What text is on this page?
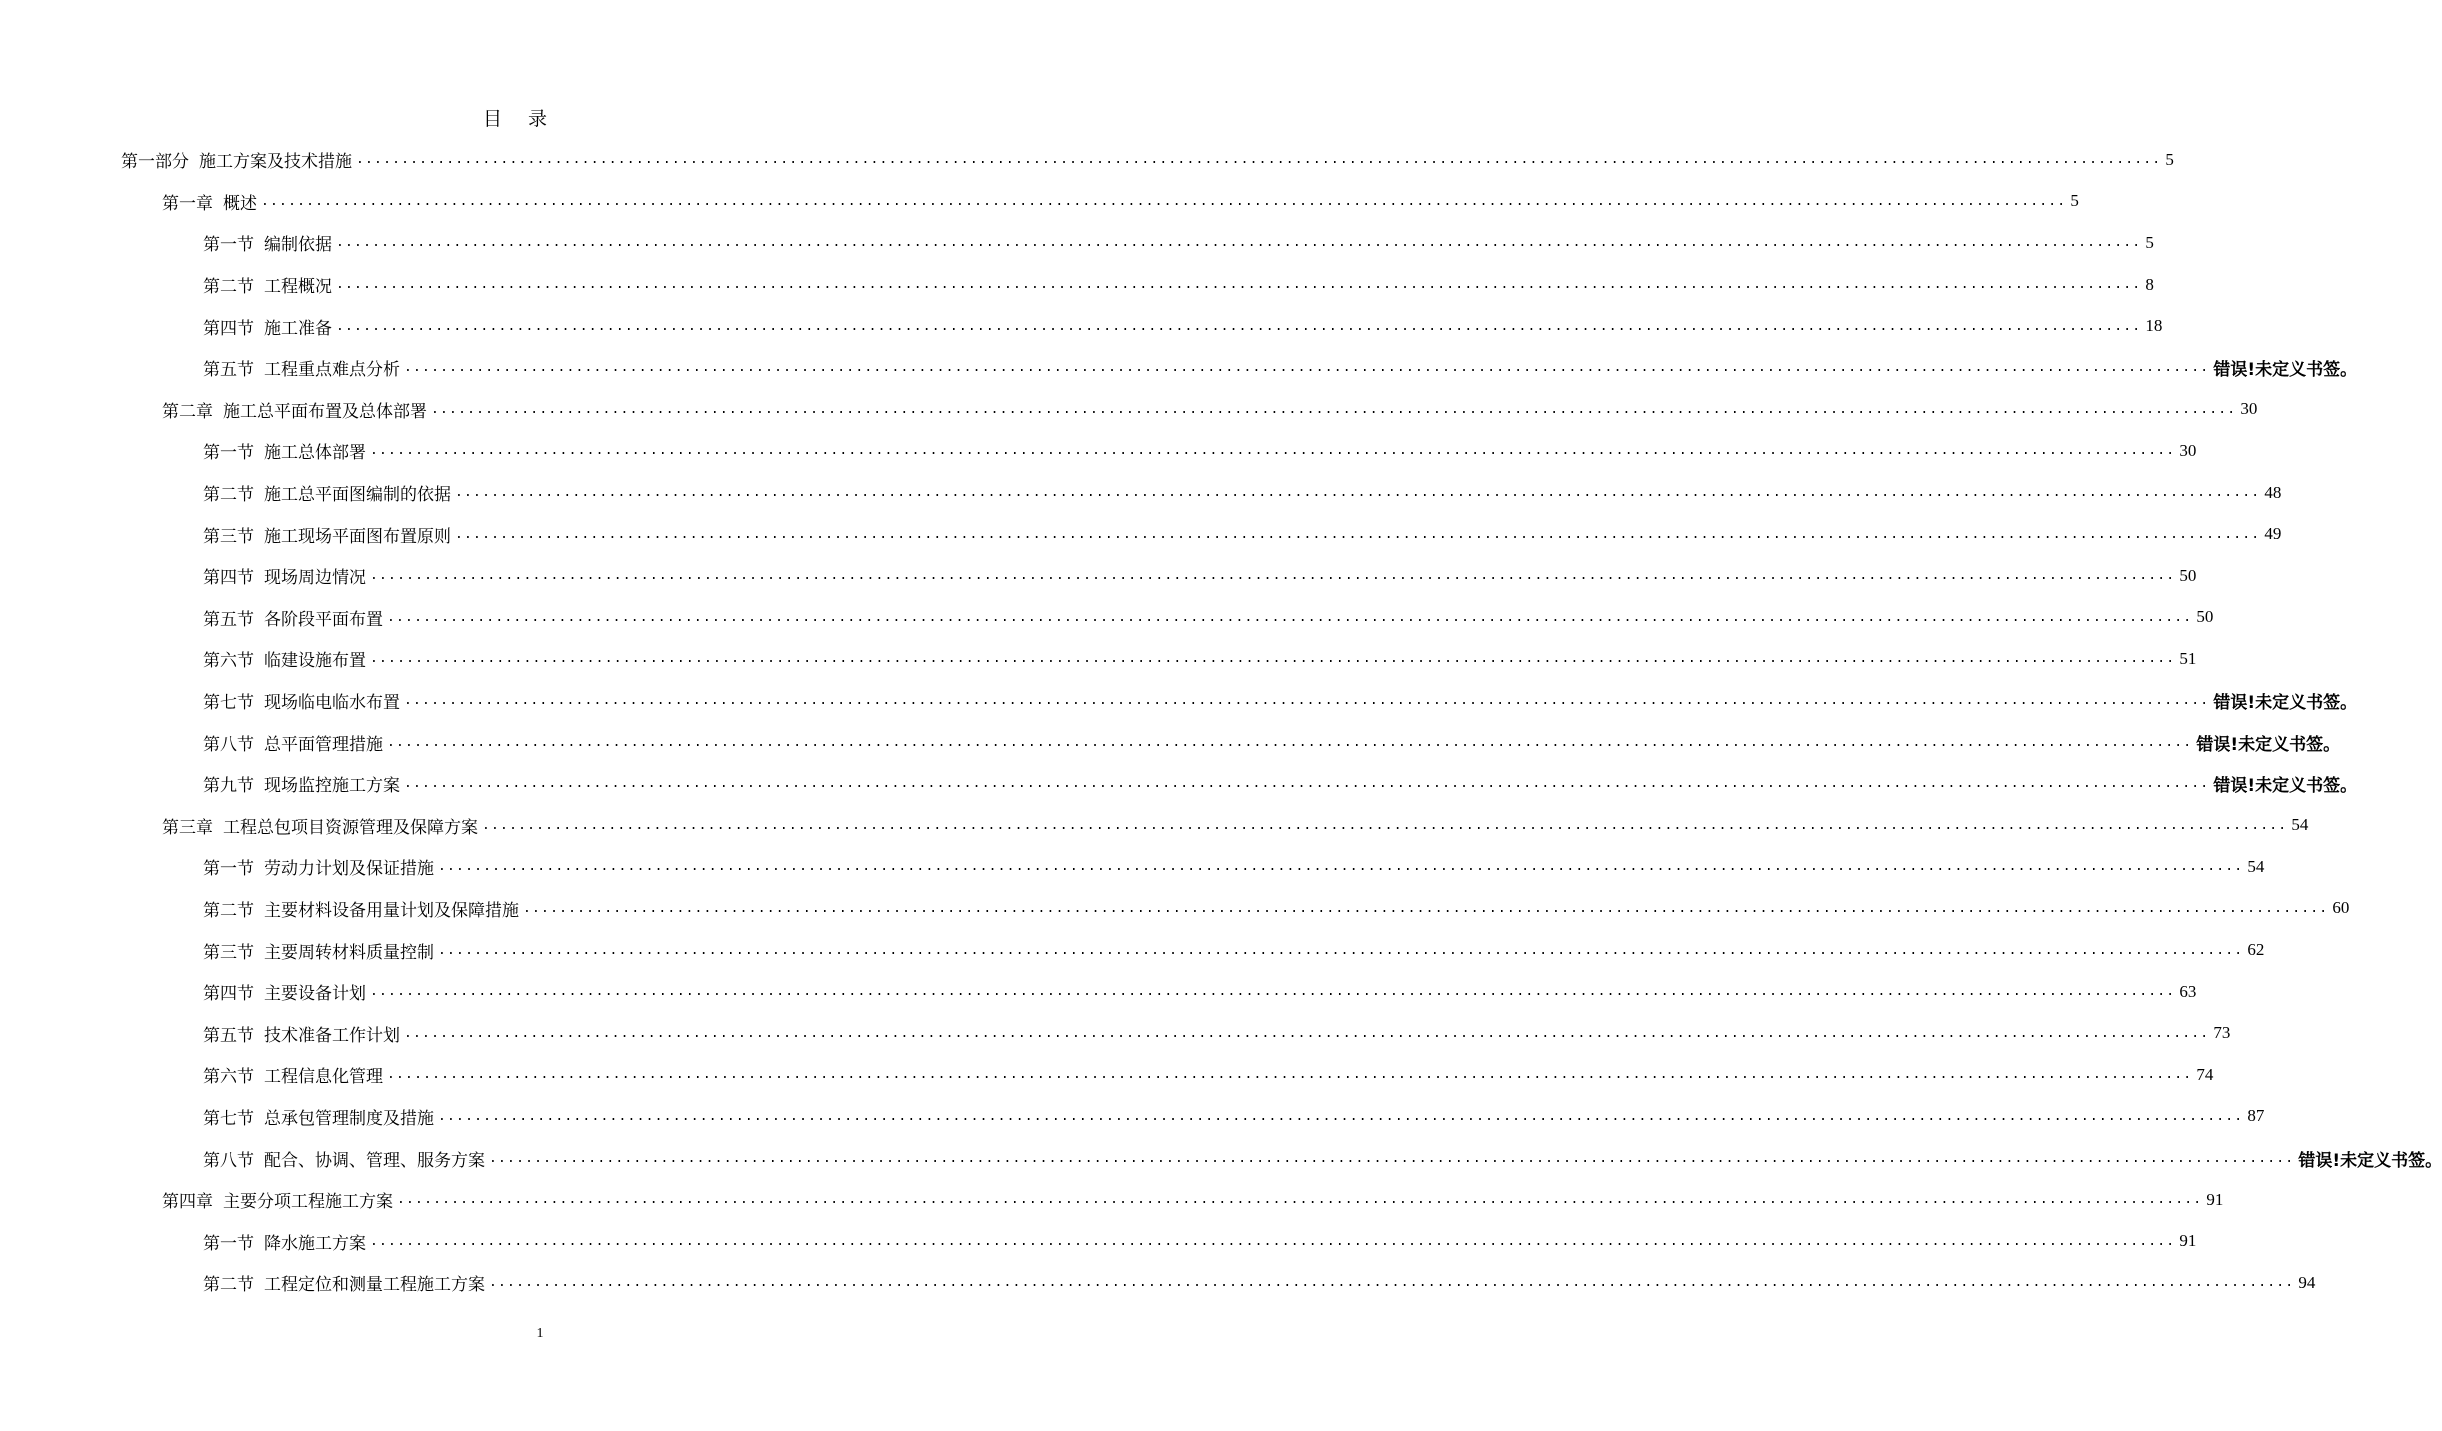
目 录
第一部分 施工方案及技术措施 ........................................................................................................................................................................................................ 5
第一章 概述 ........................................................................................................................................................................................................ 5
第一节 编制依据 ........................................................................................................................................................................................................ 5
第二节 工程概况 ........................................................................................................................................................................................................ 8
第四节 施工准备 ........................................................................................................................................................................................................ 18
第五节 工程重点难点分析 ........................................................................................................................................................................................................ 错误!未定义书签。
第二章 施工总平面布置及总体部署 ........................................................................................................................................................................................................ 30
第一节 施工总体部署 ........................................................................................................................................................................................................ 30
第二节 施工总平面图编制的依据 ........................................................................................................................................................................................................ 48
第三节 施工现场平面图布置原则 ........................................................................................................................................................................................................ 49
第四节 现场周边情况 ........................................................................................................................................................................................................ 50
第五节 各阶段平面布置 ........................................................................................................................................................................................................ 50
第六节 临建设施布置 ........................................................................................................................................................................................................ 51
第七节 现场临电临水布置 ........................................................................................................................................................................................................ 错误!未定义书签。
第八节 总平面管理措施 ........................................................................................................................................................................................................ 错误!未定义书签。
第九节 现场监控施工方案 ........................................................................................................................................................................................................ 错误!未定义书签。
第三章 工程总包项目资源管理及保障方案 ........................................................................................................................................................................................................ 54
第一节 劳动力计划及保证措施 ........................................................................................................................................................................................................ 54
第二节 主要材料设备用量计划及保障措施 ........................................................................................................................................................................................................ 60
第三节 主要周转材料质量控制 ........................................................................................................................................................................................................ 62
第四节 主要设备计划 ........................................................................................................................................................................................................ 63
第五节 技术准备工作计划 ........................................................................................................................................................................................................ 73
第六节 工程信息化管理 ........................................................................................................................................................................................................ 74
第七节 总承包管理制度及措施 ........................................................................................................................................................................................................ 87
第八节 配合、协调、管理、服务方案 ........................................................................................................................................................................................................ 错误!未定义书签。
第四章 主要分项工程施工方案 ........................................................................................................................................................................................................ 91
第一节 降水施工方案 ........................................................................................................................................................................................................ 91
第二节 工程定位和测量工程施工方案 ........................................................................................................................................................................................................ 94
1
